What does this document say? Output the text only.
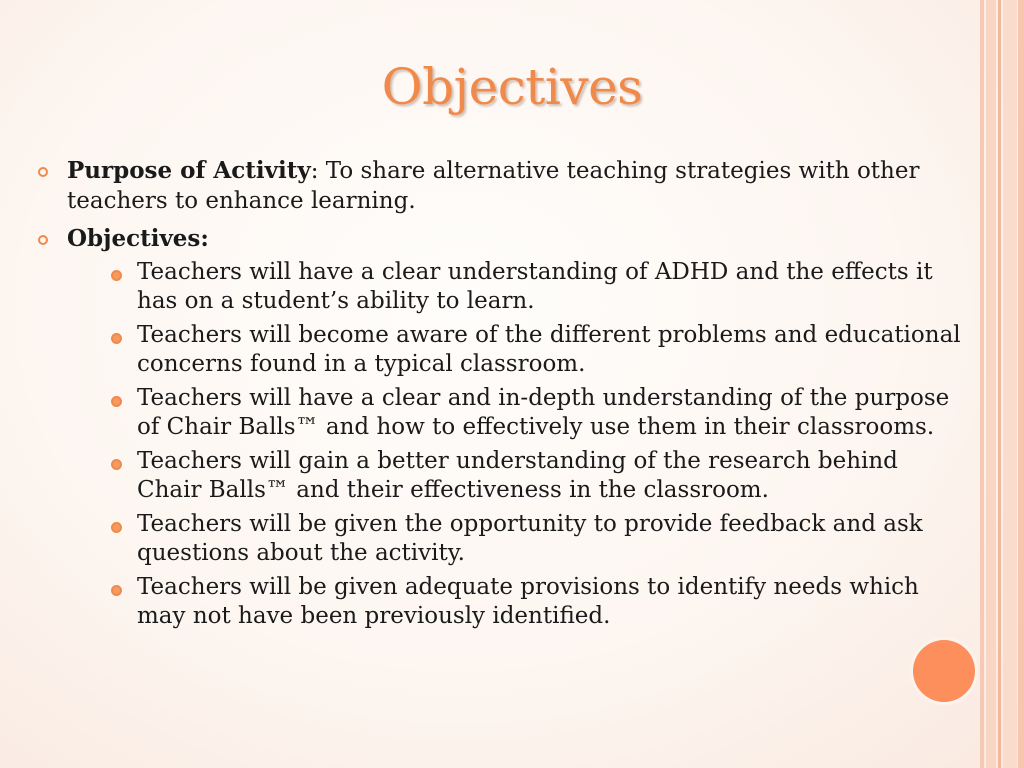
Objectives
Purpose of Activity: To share alternative teaching strategies with other teachers to enhance learning.
Objectives:
Teachers will have a clear understanding of ADHD and the effects it has on a student’s ability to learn.
Teachers will become aware of the different problems and educational concerns found in a typical classroom.
Teachers will have a clear and in-depth understanding of the purpose of Chair Balls™ and how to effectively use them in their classrooms.
Teachers will gain a better understanding of the research behind Chair Balls™ and their effectiveness in the classroom.
Teachers will be given the opportunity to provide feedback and ask questions about the activity.
Teachers will be given adequate provisions to identify needs which may not have been previously identified.
